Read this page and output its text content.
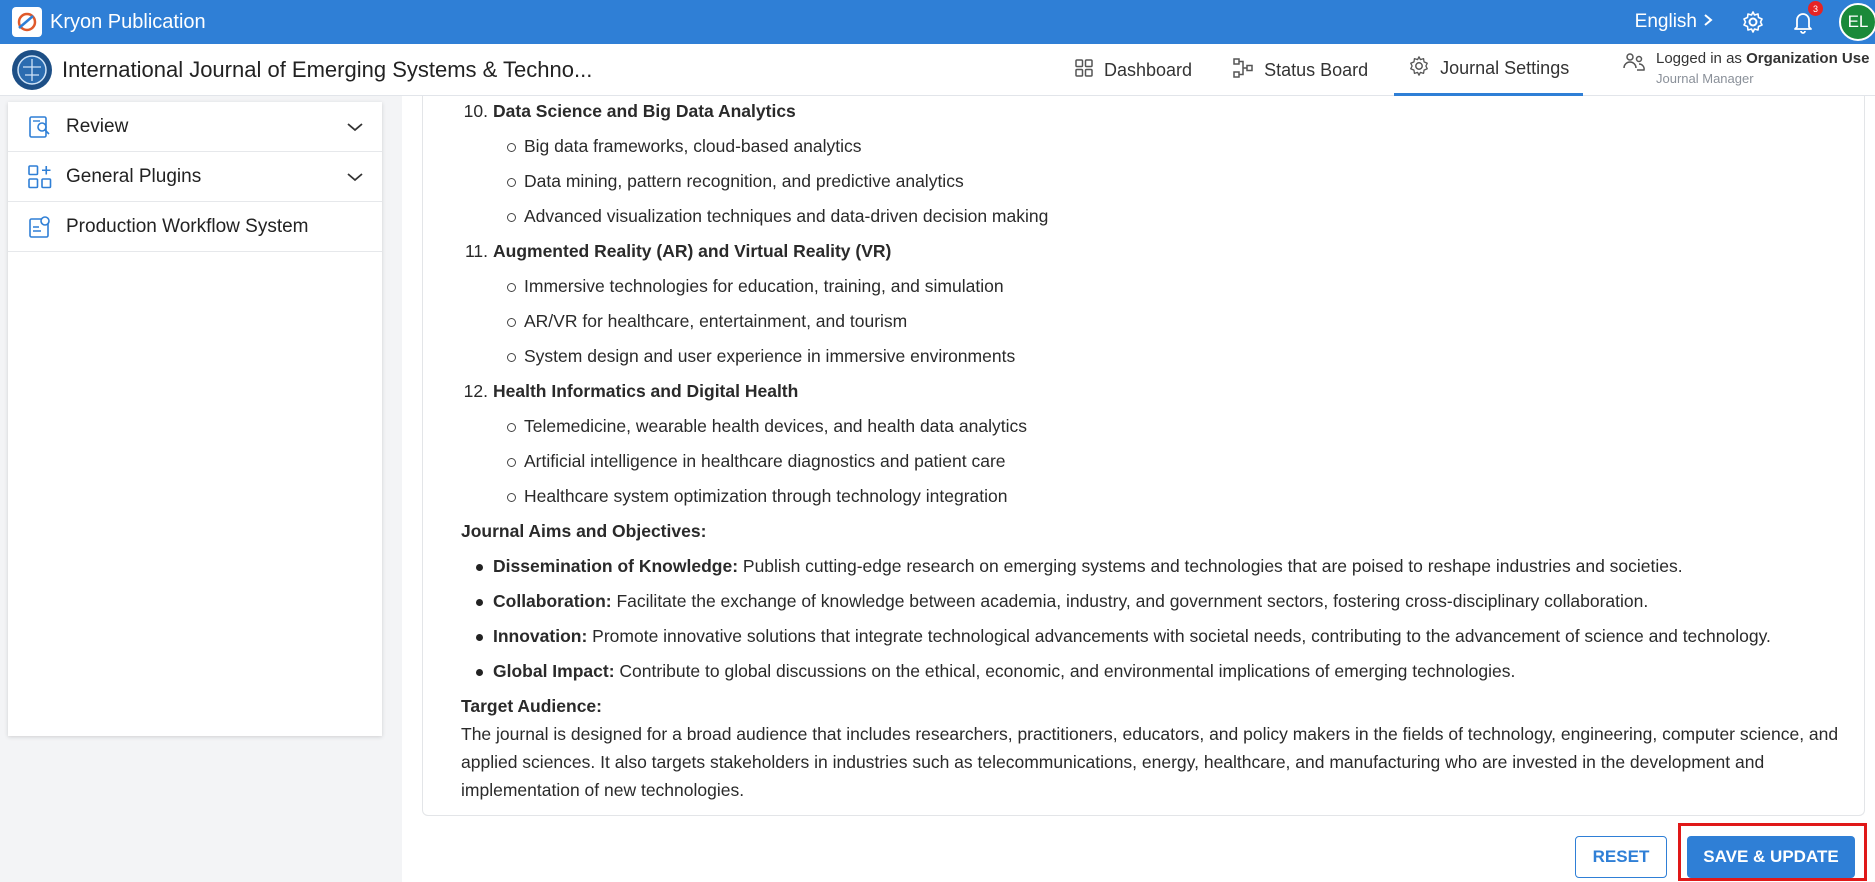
Kryon Publication	English
3
EL
International Journal of Emerging Systems & Techno...	Dashboard	Status Board	Journal Settings	Logged in as Organization Use
Journal Manager
Review
General Plugins
Production Workflow System
10. Data Science and Big Data Analytics
Big data frameworks, cloud-based analytics
Data mining, pattern recognition, and predictive analytics
Advanced visualization techniques and data-driven decision making
11. Augmented Reality (AR) and Virtual Reality (VR)
Immersive technologies for education, training, and simulation
AR/VR for healthcare, entertainment, and tourism
System design and user experience in immersive environments
12. Health Informatics and Digital Health
Telemedicine, wearable health devices, and health data analytics
Artificial intelligence in healthcare diagnostics and patient care
Healthcare system optimization through technology integration
Journal Aims and Objectives:
Dissemination of Knowledge: Publish cutting-edge research on emerging systems and technologies that are poised to reshape industries and societies.
Collaboration: Facilitate the exchange of knowledge between academia, industry, and government sectors, fostering cross-disciplinary collaboration.
Innovation: Promote innovative solutions that integrate technological advancements with societal needs, contributing to the advancement of science and technology.
Global Impact: Contribute to global discussions on the ethical, economic, and environmental implications of emerging technologies.
Target Audience:
The journal is designed for a broad audience that includes researchers, practitioners, educators, and policy makers in the fields of technology, engineering, computer science, and applied sciences. It also targets stakeholders in industries such as telecommunications, energy, healthcare, and manufacturing who are invested in the development and implementation of new technologies.
RESET	SAVE & UPDATE
